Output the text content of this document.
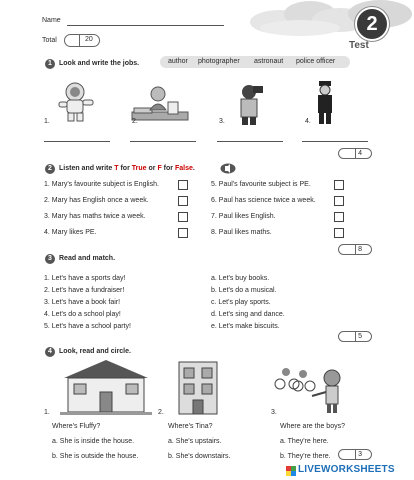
Name
Total	20
2
Test
1	Look and write the jobs.	author photographer astronaut police officer
1.	2.	3.	4.
4
2	Listen and write T for True or F for False.
1. Mary's favourite subject is English.
2. Mary has English once a week.
3. Mary has maths twice a week.
4. Mary likes PE.
5. Paul's favourite subject is PE.
6. Paul has science twice a week.
7. Paul likes English.
8. Paul likes maths.
8
3	Read and match.
1. Let's have a sports day!
2. Let's have a fundraiser!
3. Let's have a book fair!
4. Let's do a school play!
5. Let's have a school party!
a. Let's buy books.
b. Let's do a musical.
c. Let's play sports.
d. Let's sing and dance.
e. Let's make biscuits.
5
4	Look, read and circle.
1.	2.	3.
Where's Fluffy?	Where's Tina?	Where are the boys?
a. She is inside the house.	a. She's upstairs.	a. They're here.
b. She is outside the house.	b. She's downstairs.	b. They're there.	3
LIVEWORKSHEETS
